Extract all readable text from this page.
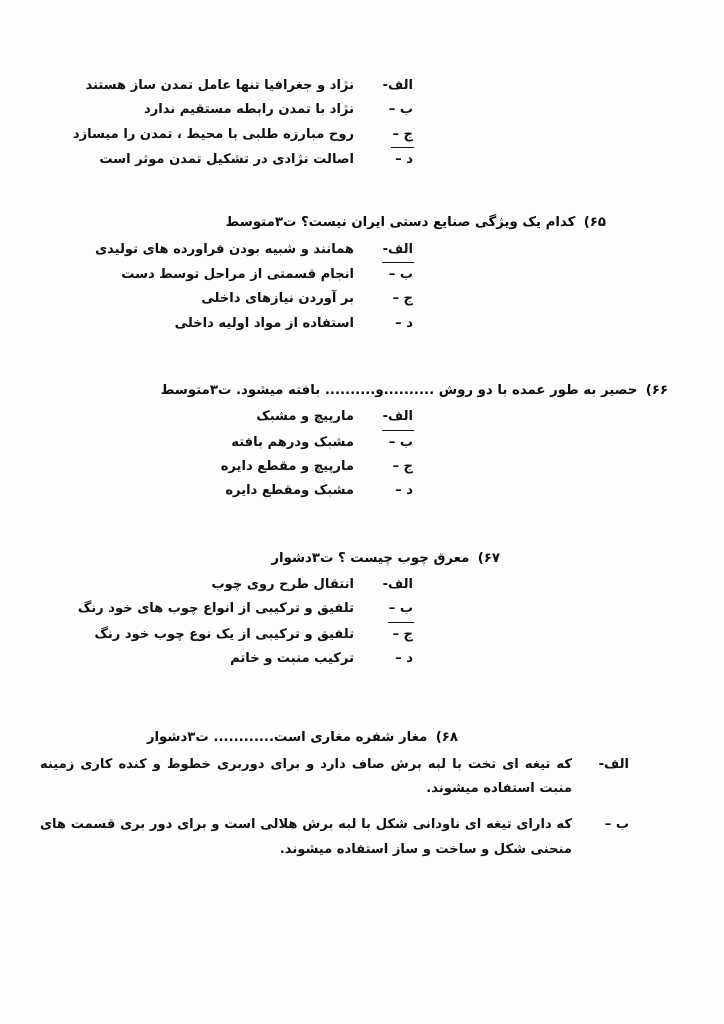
الف-
نژاد و جغرافیا تنها عامل تمدن ساز هستند
ب –
نژاد با تمدن رابطه مستقیم ندارد
ج –
روح مبارزه طلبی با محیط ، تمدن را میسازد
د –
اصالت نژادی در تشکیل تمدن موثر است
۶۵) کدام یک ویژگی صنایع دستی ایران نیست؟ ت۳متوسط
الف-
همانند و شبیه بودن فراورده های تولیدی
ب –
انجام قسمتی از مراحل توسط دست
ج –
بر آوردن نیازهای داخلی
د –
استفاده از مواد اولیه داخلی
۶۶) حصیر به طور عمده با دو روش ..........و.......... بافته میشود. ت۳متوسط
الف-
مارپیچ و مشبک
ب –
مشبک ودرهم بافته
ج –
مارپیچ و مقطع دایره
د –
مشبک ومقطع دایره
۶۷) معرق چوب چیست ؟ ت۳دشوار
الف-
انتقال طرح روی چوب
ب –
تلفیق و ترکیبی از انواع چوب های خود رنگ
ج –
تلفیق و ترکیبی از یک نوع چوب خود رنگ
د –
ترکیب منبت و خاتم
۶۸) مغار شفره مغاری است............ ت۳دشوار
الف-
که تیغه ای تخت با لبه برش صاف دارد و برای دوربری خطوط و کنده کاری زمینه منبت استفاده میشوند.
ب –
که دارای تیغه ای ناودانی شکل با لبه برش هلالی است و برای دور بری قسمت های منحنی شکل و ساخت و ساز استفاده میشوند.
